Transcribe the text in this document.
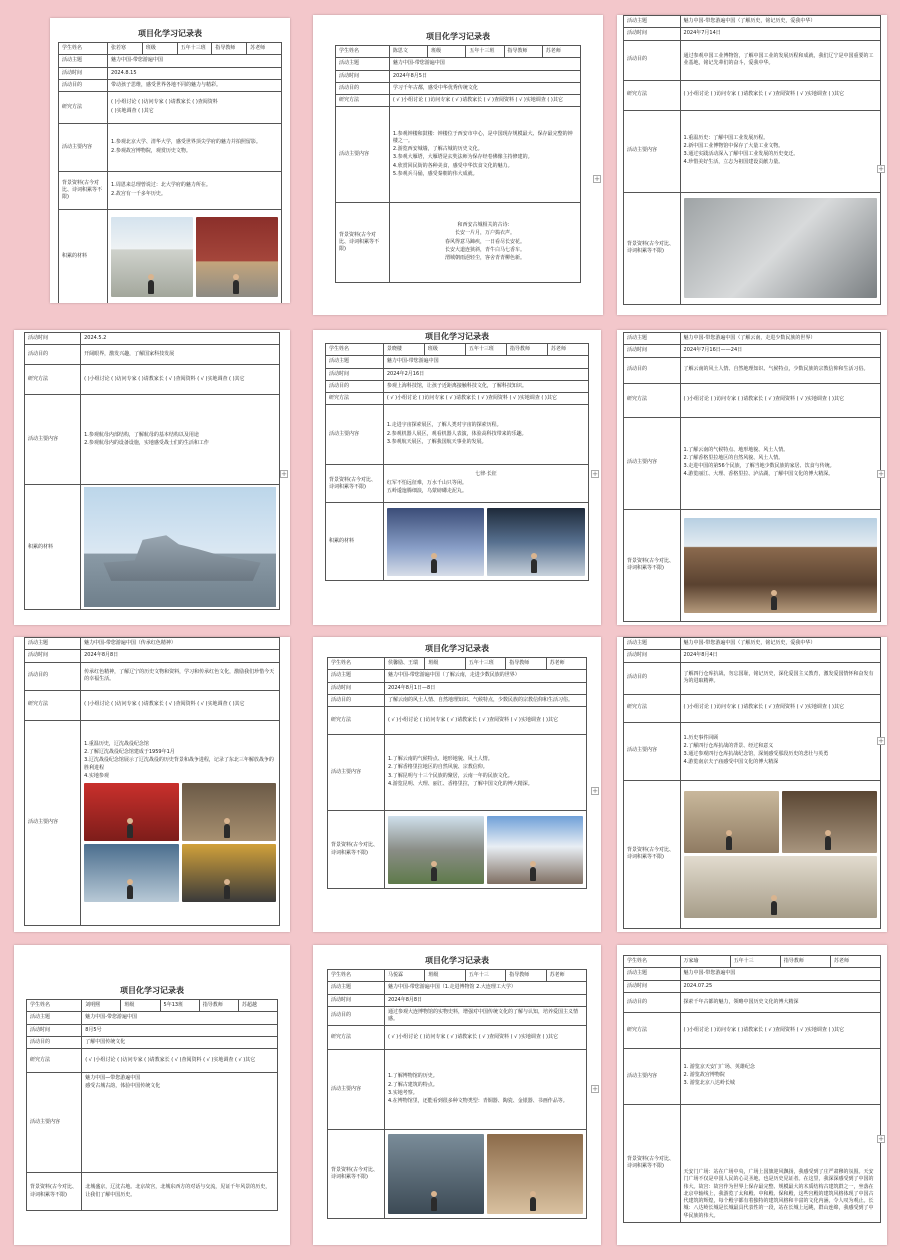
项目化学习记录表
学生姓名	张若寒	班级	五年十三班	指导教师	苏老师
活动主题	魅力中国-带您游遍中国				
活动时间	2024.8.15				
活动目的	带动孩子思维，感受世界各地不同的魅力与精彩。				
研究方法	( )小组讨论 ( )访问专家 ( )请教家长 ( )查阅资料
( )实地调查 ( )其它				

活动主要内容	1.参观北京大学、清华大学，感受世界顶尖学府的魅力并拍照留影。
2.参观故宫博物院，观赏历史文物。				

背景资料(古今对比、诗词积累等不限)	1.周恩来总理曾说过：北大学府的魅力所在。
2.故宫有一千多年历史。				

积累的材料					
项目化学习记录表
学生姓名	陈思文	班级	五年十三班	指导教师	苏老师
活动主题	魅力中国-带您游遍中国				
活动时间	2024年8月5日				
活动目的	学习千年古都，感受中华优秀传统文化				
研究方法	( √ )小组讨论 ( )访问专家 ( √ )请教家长 ( √ )查阅资料 ( √ )实地调查 ( )其它				
活动主要内容	1.参观钟楼和鼓楼：钟楼位于西安市中心，是中国现存规模最大、保存最完整的钟楼之一。
2.游览西安城墙，了解古城的历史文化。
3.参观大雁塔，大雁塔是玄奘法师为保存经卷佛像主持修建的。
4.欣赏回民街的各种美食，感受中华饮食文化的魅力。
5.参观兵马俑，感受秦朝的伟大成就。				

背景资料(古今对比、诗词积累等不限)	和西安古城相关的古诗：
长安一片月，万户捣衣声。
春风得意马蹄疾，一日看尽长安花。
长安大道连狭斜，青牛白马七香车。
渭城朝雨浥轻尘，客舍青青柳色新。				
+
活动主题	魅力中国-带您游遍中国（了解历史，铭记历史，爱我中华）
活动时间	2024年7月14日
活动目的	通过参观中国工业博物馆，了解中国工业的发展历程和成就，我们辽宁是中国重要的工业基地，铭记先辈们的奋斗，爱我中华。
研究方法	( )小组讨论 ( )访问专家 ( )请教家长 ( √ )查阅资料 ( √ )实地调查 ( )其它
活动主要内容	1.重温历史：了解中国工业发展历程。
2.新中国工业博物馆中保存了大量工业文物。
3.通过实践活动深入了解中国工业发展的历史变迁。
4.珍惜美好生活，立志为祖国建设贡献力量。

背景资料(古今对比、诗词积累等不限)	
+
活动时间	2024.5.2
活动目的	开阔眼界，激发兴趣，了解国家科技发展
研究方法	( )小组讨论 ( )访问专家 ( )请教家长 ( √ )查阅资料 ( √ )实地调查 ( )其它
活动主要内容	1.参观航母内部结构，了解航母的基本结构以及用途
2.参观航母内的设备设施，实地感受战士们的生活和工作

积累的材料	
+
项目化学习记录表
学生姓名	景晓楼	班级	五年十三班	指导教师	苏老师
活动主题	魅力中国-带您游遍中国				
活动时间	2024年2月16日				
活动目的	参观上海科技馆，让孩子近距离接触科技文化，了解科技知识。				
研究方法	( √ )小组讨论 ( )访问专家 ( √ )请教家长 ( √ )查阅资料 ( √ )实地调查 ( )其它				
活动主要内容	1.走进宇宙探索展区，了解人类对宇宙的探索历程。
2.参观机器人展区，观看机器人表演，体验高科技带来的乐趣。
3.参观航天展区，了解我国航天事业的发展。				

背景资料(古今对比、诗词积累等不限)	七律·长征
红军不怕远征难，万水千山只等闲。
五岭逶迤腾细浪，乌蒙磅礴走泥丸。				

积累的材料					
+
活动主题	魅力中国-带您游遍中国（了解云南，走进少数民族的世界）
活动时间	2024年7月16日——24日
活动目的	了解云南的风土人情、自然地理知识、气候特点，少数民族的宗教信仰和生活习俗。
研究方法	( )小组讨论 ( )访问专家 ( )请教家长 ( √ )查阅资料 ( √ )实地调查 ( )其它
活动主要内容	1.了解云南的气候特点、地形地貌、风土人情。
2.了解香格里拉地区的自然风貌、风土人情。
3.走进中国的第56个民族，了解当地少数民族的家居、饮食与传统。
4.游览丽江、大理、香格里拉、泸沽湖，了解中国文化的博大精深。

背景资料(古今对比、诗词积累等不限)	
+
活动主题	魅力中国-带您游遍中国（传承红色精神）
活动时间	2024年8月8日
活动目的	传承红色精神，了解辽宁的历史文物和资料，学习和传承红色文化，激励我们珍惜今天的幸福生活。
研究方法	( )小组讨论 ( )访问专家 ( )请教家长 ( √ )查阅资料 ( √ )实地调查 ( )其它
活动主要内容	1.重温历史，辽沈战役纪念馆
2.了解辽沈战役纪念馆建成于1959年1月
3.辽沈战役纪念馆展示了辽沈战役的历史背景和战争进程，记录了东北三年解放战争的胜利进程
4.实地参观
项目化学习记录表
学生姓名	侯馨励、王瑞	班级	五年十三班	指导教师	苏老师
活动主题	魅力中国-带您游遍中国（了解云南，走进少数民族的世界）				
活动时间	2024年8月1日—8日				
活动目的	了解云南的风土人情、自然地理知识、气候特点，少数民族的宗教信仰和生活习俗。				
研究方法	( √ )小组讨论 ( )访问专家 ( √ )请教家长 ( √ )查阅资料 ( √ )实地调查 ( )其它				
活动主要内容	1.了解云南的气候特点、地形地貌、风土人情。
2.了解香格里拉地区的自然风貌、宗教信仰。
3.了解昆明与十三个民族的聚居，云南一年的民族文化。
4.游览昆明、大理、丽江、香格里拉，了解中国文化的博大精深。				

背景资料(古今对比、诗词积累等不限)					
+
活动主题	魅力中国-带您游遍中国（了解历史，铭记历史，爱我中华）
活动时间	2024年8月4日
活动目的	了解四行仓库抗战，勿忘国耻，铭记历史，深化爱国主义教育，激发爱国情怀和奋发有为的进取精神。
研究方法	( )小组讨论 ( )访问专家 ( )请教家长 ( √ )查阅资料 ( √ )实地调查 ( )其它
活动主要内容	1.历史事件回顾
2.了解四行仓库抗战的背景、经过和意义
3.通过参观四行仓库抗战纪念馆，深刻感受那段历史的悲壮与英勇
4.游览南京夫子庙感受中国文化的博大精深

背景资料(古今对比、诗词积累等不限)	
+
项目化学习记录表
学生姓名	刘明熙	班级	5年13班	指导教师	苏超越
活动主题	魅力中国-带您游遍中国				
活动时间	8月5号				
活动目的	了解中国传统文化				
研究方法	( √ )小组讨论 ( )访问专家 ( )请教家长 ( √ )查阅资料 ( √ )实地调查 ( √ )其它				
活动主要内容	魅力中国—带您游遍中国
感受古城古韵，体验中国传统文化				

背景资料(古今对比、诗词积累等不限)	北城盛京，辽沈古地。北京故宫，北城东西方的对话与交流，见证千年风景的历史，让我们了解中国历史。				
项目化学习记录表
学生姓名	马悦霖	班级	五年十三	指导教师	苏老师
活动主题	魅力中国-带您游遍中国（1.走进博物馆 2.大连理工大学）				
活动时间	2024年8月8日				
活动目的	通过参观大连博物馆的实物史料，增强对中国传统文化的了解与认知，培养爱国主义情感。				
研究方法	( √ )小组讨论 ( )访问专家 ( √ )请教家长 ( √ )查阅资料 ( √ )实地调查 ( )其它				
活动主要内容	1.了解博物馆的历史。
2.了解古建筑的特点。
3.实地考察。
4.在博物馆里，还能看到很多种文物类型：青铜器、陶瓷、金银器、书画作品等。				

背景资料(古今对比、诗词积累等不限)					
+
学生姓名	万家瑜	五年十三	指导教师	苏老师
活动主题	魅力中国-带您游遍中国			
活动时间	2024.07.25			
活动目的	探索千年古都的魅力，领略中国历史文化的博大精深			
研究方法	( )小组讨论 ( )访问专家 ( )请教家长 ( √ )查阅资料 ( √ )实地调查 ( )其它			
活动主要内容	1. 游览京天安门广场、英雄纪念
2. 游览故宫博物院
3. 游览北京八达岭长城			

背景资料(古今对比、诗词积累等不限)	天安门广场：站在广场中央，广场上国旗迎风飘扬，我感受到了庄严肃穆的氛围。天安门广场不仅是中国人民的心灵圣地，也是历史见证者。在这里，我深深感受到了中国的伟大。故宫：故宫作为世界上保存最完整、规模最大的木质结构古建筑群之一，坐落在北京中轴线上，我游览了太和殿、中和殿、保和殿，这些宫殿的建筑风格体现了中国古代建筑的辉煌，每个殿宇都有着独特的建筑风格和丰富的文化内涵，令人叹为观止。长城：八达岭长城是长城最具代表性的一段，站在长城上远眺，群山连绵，我感受到了中华民族的伟大。			
+
